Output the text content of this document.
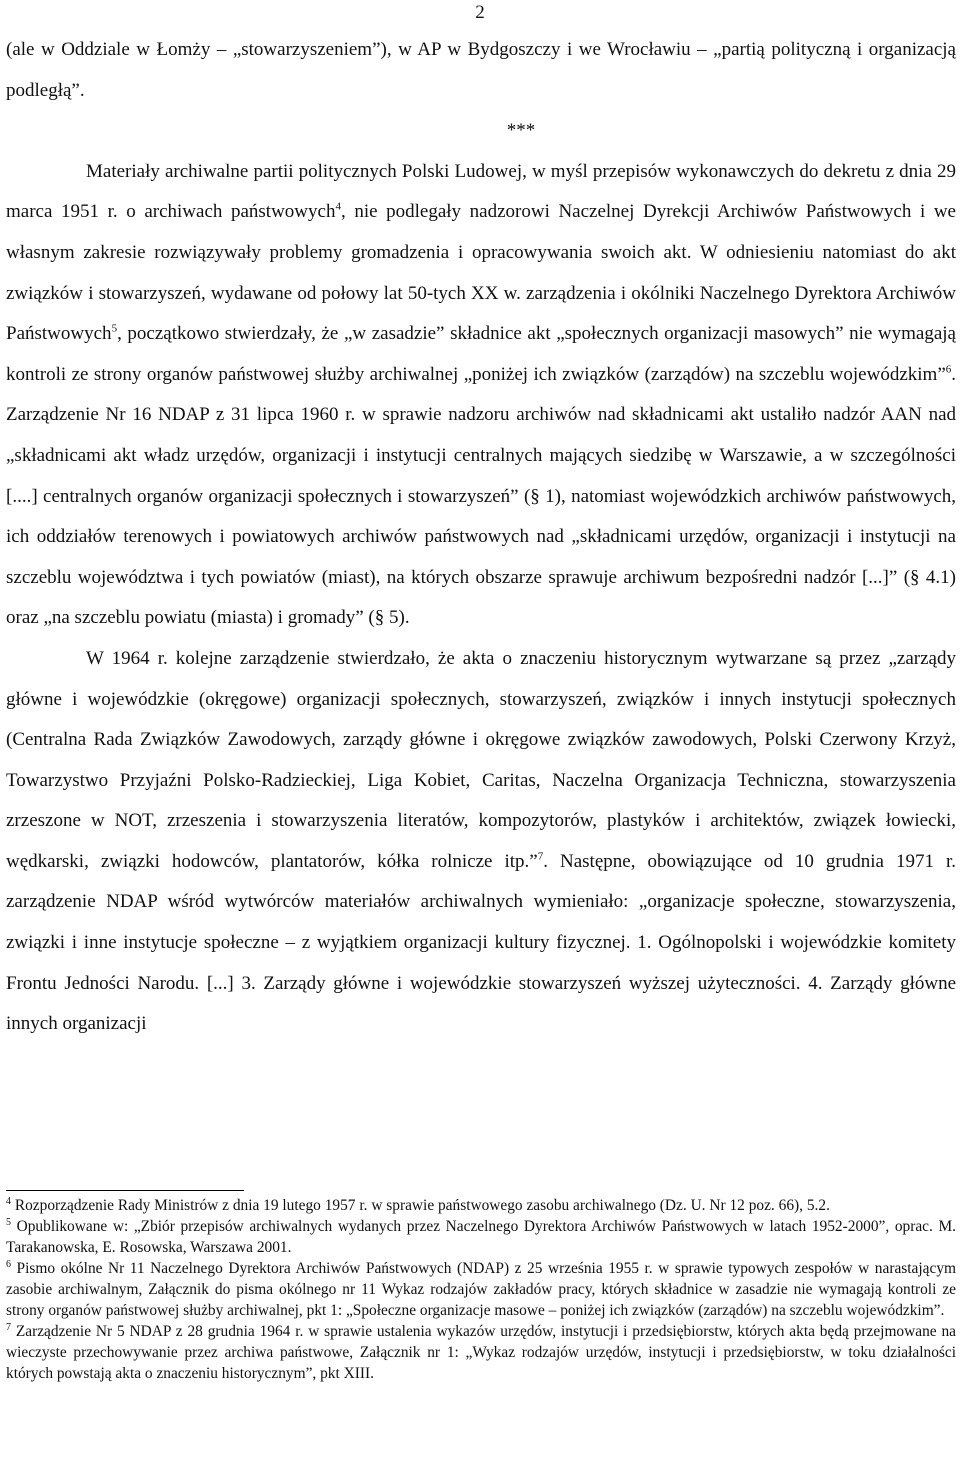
2

(ale w Oddziale w Łomży – „stowarzyszeniem”), w AP w Bydgoszczy i we Wrocławiu – „partią polityczną i organizacją podległą”.

***

Materiały archiwalne partii politycznych Polski Ludowej, w myśl przepisów wykonawczych do dekretu z dnia 29 marca 1951 r. o archiwach państwowych$^4$, nie podlegały nadzorowi Naczelnej Dyrekcji Archiwów Państwowych i we własnym zakresie rozwiązywały problemy gromadzenia i opracowywania swoich akt. W odniesieniu natomiast do akt związków i stowarzyszeń, wydawane od połowy lat 50-tych XX w. zarządzenia i okólniki Naczelnego Dyrektora Archiwów Państwowych$^5$, początkowo stwierdzały, że „w zasadzie” składnice akt „społecznych organizacji masowych” nie wymagają kontroli ze strony organów państwowej służby archiwalnej „poniżej ich związków (zarządów) na szczeblu wojewódzkim”$^6$. Zarządzenie Nr 16 NDAP z 31 lipca 1960 r. w sprawie nadzoru archiwów nad składnicami akt ustaliło nadzór AAN nad „składnicami akt władz urzędów, organizacji i instytucji centralnych mających siedzibę w Warszawie, a w szczególności [....] centralnych organów organizacji społecznych i stowarzyszeń” (§ 1), natomiast wojewódzkich archiwów państwowych, ich oddziałów terenowych i powiatowych archiwów państwowych nad „składnicami urzędów, organizacji i instytucji na szczeblu województwa i tych powiatów (miast), na których obszarze sprawuje archiwum bezpośredni nadzór [...]” (§ 4.1) oraz „na szczeblu powiatu (miasta) i gromady” (§ 5).

W 1964 r. kolejne zarządzenie stwierdzało, że akta o znaczeniu historycznym wytwarzane są przez „zarządy główne i wojewódzkie (okręgowe) organizacji społecznych, stowarzyszeń, związków i innych instytucji społecznych (Centralna Rada Związków Zawodowych, zarządy główne i okręgowe związków zawodowych, Polski Czerwony Krzyż, Towarzystwo Przyjaźni Polsko-Radzieckiej, Liga Kobiet, Caritas, Naczelna Organizacja Techniczna, stowarzyszenia zrzeszone w NOT, zrzeszenia i stowarzyszenia literatów, kompozytorów, plastyków i architektów, związek łowiecki, wędkarski, związki hodowców, plantatorów, kółka rolnicze itp.”$^7$. Następne, obowiązujące od 10 grudnia 1971 r. zarządzenie NDAP wśród wytwórców materiałów archiwalnych wymieniało: „organizacje społeczne, stowarzyszenia, związki i inne instytucje społeczne – z wyjątkiem organizacji kultury fizycznej. 1. Ogólnopolski i wojewódzkie komitety Frontu Jedności Narodu. [...] 3. Zarządy główne i wojewódzkie stowarzyszeń wyższej użyteczności. 4. Zarządy główne innych organizacji

$^4$ Rozporządzenie Rady Ministrów z dnia 19 lutego 1957 r. w sprawie państwowego zasobu archiwalnego (Dz. U. Nr 12 poz. 66), 5.2.

$^5$ Opublikowane w: „Zbiór przepisów archiwalnych wydanych przez Naczelnego Dyrektora Archiwów Państwowych w latach 1952-2000”, oprac. M. Tarakanowska, E. Rosowska, Warszawa 2001.

$^6$ Pismo okólne Nr 11 Naczelnego Dyrektora Archiwów Państwowych (NDAP) z 25 września 1955 r. w sprawie typowych zespołów w narastającym zasobie archiwalnym, Załącznik do pisma okólnego nr 11 Wykaz rodzajów zakładów pracy, których składnice w zasadzie nie wymagają kontroli ze strony organów państwowej służby archiwalnej, pkt 1: „Społeczne organizacje masowe – poniżej ich związków (zarządów) na szczeblu wojewódzkim”.

$^7$ Zarządzenie Nr 5 NDAP z 28 grudnia 1964 r. w sprawie ustalenia wykazów urzędów, instytucji i przedsiębiorstw, których akta będą przejmowane na wieczyste przechowywanie przez archiwa państwowe, Załącznik nr 1: „Wykaz rodzajów urzędów, instytucji i przedsiębiorstw, w toku działalności których powstają akta o znaczeniu historycznym”, pkt XIII.
